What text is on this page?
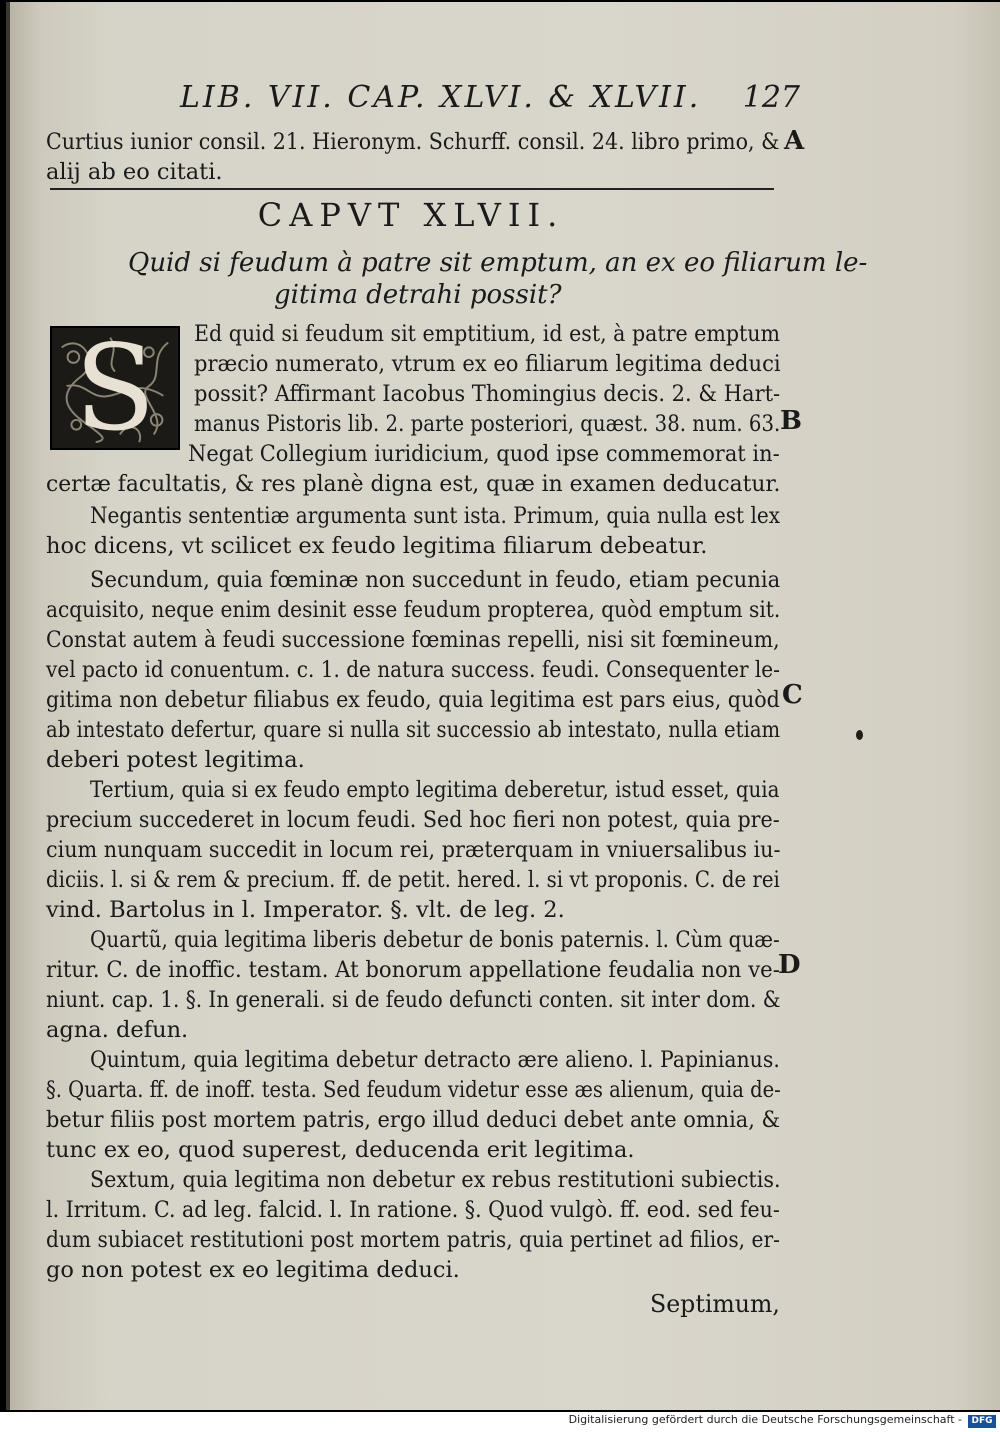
LIB. VII. CAP. XLVI. & XLVII. 127
Curtius iunior consil. 21. Hieronym. Schurff. consil. 24. libro primo, &
alij ab eo citati.
CAPVT XLVII.
Quid si feudum à patre sit emptum, an ex eo filiarum le-
gitima detrahi possit?
S	Ed quid si feudum sit emptitium, id est, à patre emptum
præcio numerato, vtrum ex eo filiarum legitima deduci
possit? Affirmant Iacobus Thomingius decis. 2. & Hart-
manus Pistoris lib. 2. parte posteriori, quæst. 38. num. 63.
Negat Collegium iuridicium, quod ipse commemorat in-
certæ facultatis, & res planè digna est, quæ in examen deducatur.
Negantis sententiæ argumenta sunt ista. Primum, quia nulla est lex
hoc dicens, vt scilicet ex feudo legitima filiarum debeatur.
Secundum, quia fœminæ non succedunt in feudo, etiam pecunia
acquisito, neque enim desinit esse feudum propterea, quòd emptum sit.
Constat autem à feudi successione fœminas repelli, nisi sit fœmineum,
vel pacto id conuentum. c. 1. de natura success. feudi. Consequenter le-
gitima non debetur filiabus ex feudo, quia legitima est pars eius, quòd
ab intestato defertur, quare si nulla sit successio ab intestato, nulla etiam
deberi potest legitima.
Tertium, quia si ex feudo empto legitima deberetur, istud esset, quia
precium succederet in locum feudi. Sed hoc fieri non potest, quia pre-
cium nunquam succedit in locum rei, præterquam in vniuersalibus iu-
diciis. l. si & rem & precium. ff. de petit. hered. l. si vt proponis. C. de rei
vind. Bartolus in l. Imperator. §. vlt. de leg. 2.
Quartũ, quia legitima liberis debetur de bonis paternis. l. Cùm quæ-
ritur. C. de inoffic. testam. At bonorum appellatione feudalia non ve-
niunt. cap. 1. §. In generali. si de feudo defuncti conten. sit inter dom. &
agna. defun.
Quintum, quia legitima debetur detracto ære alieno. l. Papinianus.
§. Quarta. ff. de inoff. testa. Sed feudum videtur esse æs alienum, quia de-
betur filiis post mortem patris, ergo illud deduci debet ante omnia, &
tunc ex eo, quod superest, deducenda erit legitima.
Sextum, quia legitima non debetur ex rebus restitutioni subiectis.
l. Irritum. C. ad leg. falcid. l. In ratione. §. Quod vulgò. ff. eod. sed feu-
dum subiacet restitutioni post mortem patris, quia pertinet ad filios, er-
go non potest ex eo legitima deduci.
Septimum,
A
B
C
D
Digitalisierung gefördert durch die Deutsche Forschungsgemeinschaft -	DFG
